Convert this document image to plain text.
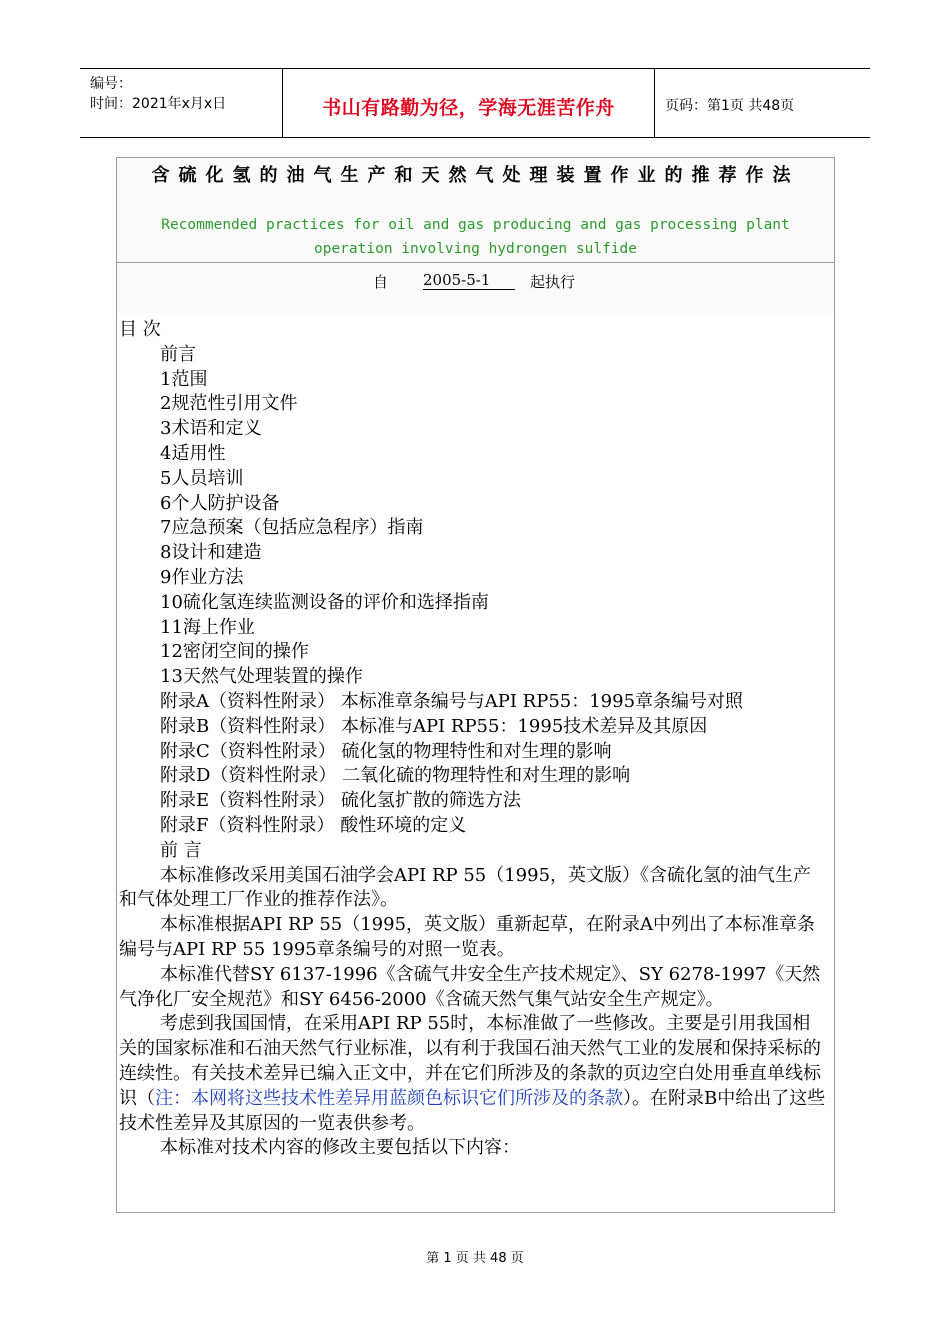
编号：
时间：2021年x月x日	书山有路勤为径，学海无涯苦作舟	页码：第1页 共48页
含硫化氢的油气生产和天然气处理装置作业的推荐作法
Recommended practices for oil and gas producing and gas processing plant operation involving hydrongen sulfide
自 2005-5-1	起执行

目 次

前言

1范围

2规范性引用文件

3术语和定义

4适用性

5人员培训

6个人防护设备

7应急预案（包括应急程序）指南

8设计和建造

9作业方法

10硫化氢连续监测设备的评价和选择指南

11海上作业

12密闭空间的操作

13天然气处理装置的操作

附录A（资料性附录） 本标准章条编号与API RP55：1995章条编号对照

附录B（资料性附录） 本标准与API RP55：1995技术差异及其原因

附录C（资料性附录） 硫化氢的物理特性和对生理的影响

附录D（资料性附录） 二氧化硫的物理特性和对生理的影响

附录E（资料性附录） 硫化氢扩散的筛选方法

附录F（资料性附录） 酸性环境的定义

前 言

本标准修改采用美国石油学会API RP 55（1995，英文版）《含硫化氢的油气生产和气体处理工厂作业的推荐作法》。

本标准根据API RP 55（1995，英文版）重新起草，在附录A中列出了本标准章条编号与API RP 55 1995章条编号的对照一览表。

本标准代替SY 6137-1996《含硫气井安全生产技术规定》、SY 6278-1997《天然气净化厂安全规范》和SY 6456-2000《含硫天然气集气站安全生产规定》。

考虑到我国国情，在采用API RP 55时，本标准做了一些修改。主要是引用我国相关的国家标准和石油天然气行业标准，以有利于我国石油天然气工业的发展和保持采标的连续性。有关技术差异已编入正文中，并在它们所涉及的条款的页边空白处用垂直单线标识（注：本网将这些技术性差异用蓝颜色标识它们所涉及的条款）。在附录B中给出了这些技术性差异及其原因的一览表供参考。

本标准对技术内容的修改主要包括以下内容：

第 1 页 共 48 页
